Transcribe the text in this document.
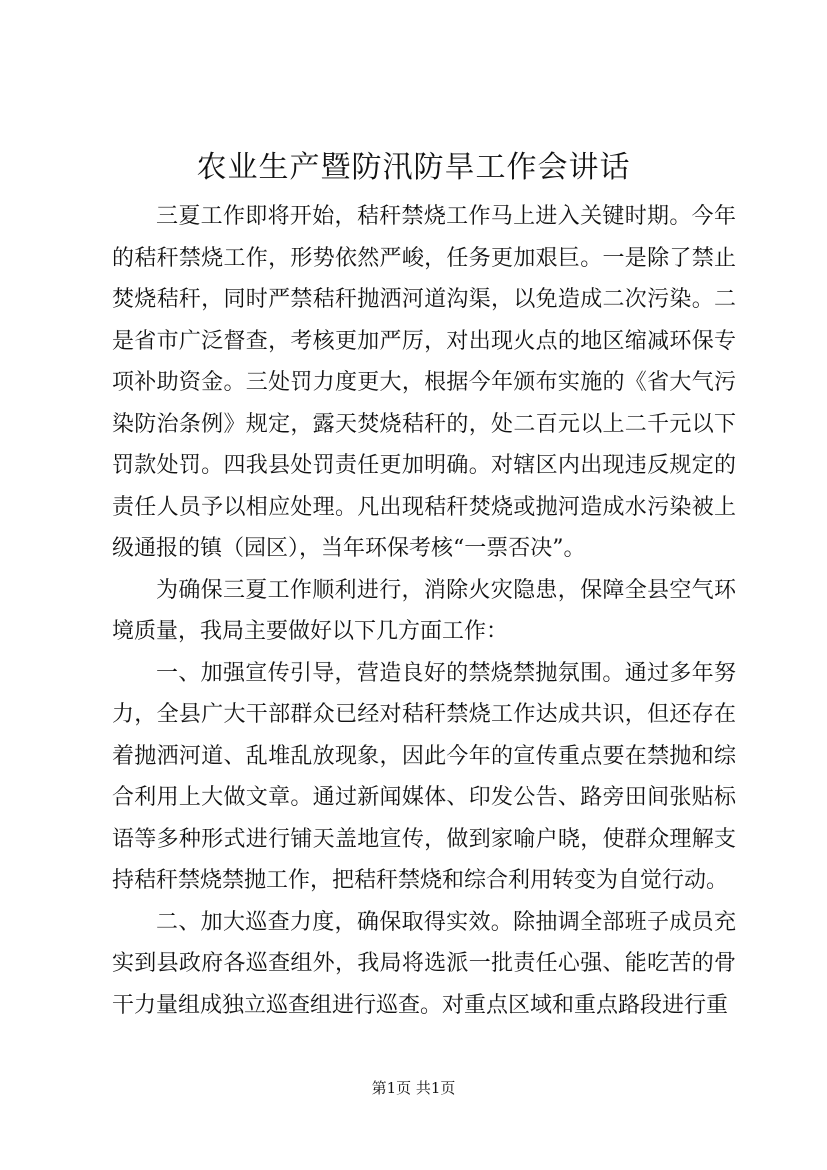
农业生产暨防汛防旱工作会讲话

三夏工作即将开始，秸秆禁烧工作马上进入关键时期。今年的秸秆禁烧工作，形势依然严峻，任务更加艰巨。一是除了禁止焚烧秸秆，同时严禁秸秆抛洒河道沟渠，以免造成二次污染。二是省市广泛督查，考核更加严厉，对出现火点的地区缩减环保专项补助资金。三处罚力度更大，根据今年颁布实施的《省大气污染防治条例》规定，露天焚烧秸秆的，处二百元以上二千元以下罚款处罚。四我县处罚责任更加明确。对辖区内出现违反规定的责任人员予以相应处理。凡出现秸秆焚烧或抛河造成水污染被上级通报的镇（园区），当年环保考核“一票否决”。

为确保三夏工作顺利进行，消除火灾隐患，保障全县空气环境质量，我局主要做好以下几方面工作：

一、加强宣传引导，营造良好的禁烧禁抛氛围。通过多年努力，全县广大干部群众已经对秸秆禁烧工作达成共识，但还存在着抛洒河道、乱堆乱放现象，因此今年的宣传重点要在禁抛和综合利用上大做文章。通过新闻媒体、印发公告、路旁田间张贴标语等多种形式进行铺天盖地宣传，做到家喻户晓，使群众理解支持秸秆禁烧禁抛工作，把秸秆禁烧和综合利用转变为自觉行动。

二、加大巡查力度，确保取得实效。除抽调全部班子成员充实到县政府各巡查组外，我局将选派一批责任心强、能吃苦的骨干力量组成独立巡查组进行巡查。对重点区域和重点路段进行重

第1页 共1页
